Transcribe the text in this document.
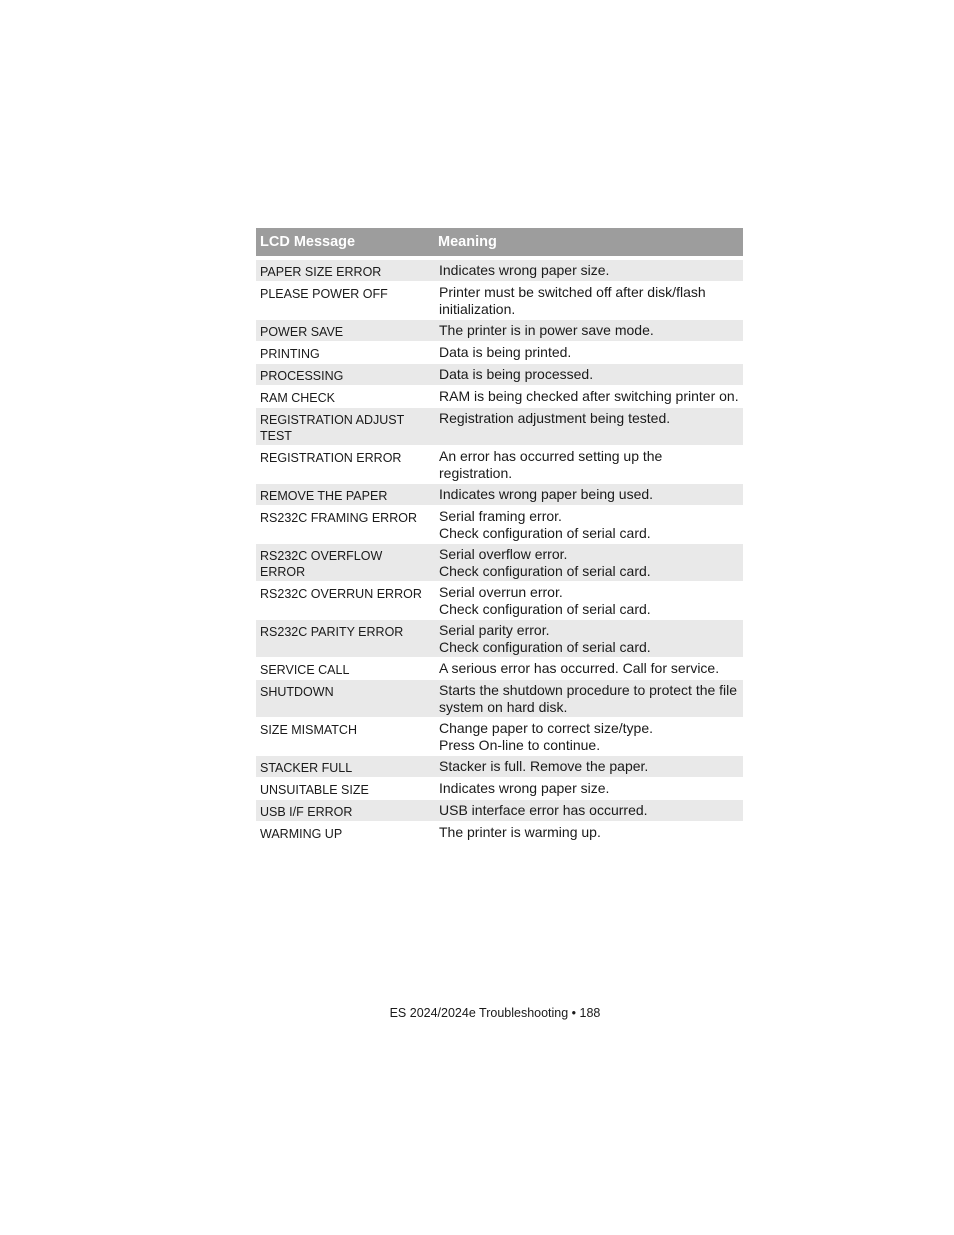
LCD Message	Meaning
PAPER SIZE ERROR	Indicates wrong paper size.

PLEASE POWER OFF	Printer must be switched off after disk/flash initialization.

POWER SAVE	The printer is in power save mode.

PRINTING	Data is being printed.

PROCESSING	Data is being processed.

RAM CHECK	RAM is being checked after switching printer on.

REGISTRATION ADJUST TEST	Registration adjustment being tested.

REGISTRATION ERROR	An error has occurred setting up the registration.

REMOVE THE PAPER	Indicates wrong paper being used.

RS232C FRAMING ERROR	Serial framing error.
Check configuration of serial card.

RS232C OVERFLOW ERROR	Serial overflow error.
Check configuration of serial card.

RS232C OVERRUN ERROR	Serial overrun error.
Check configuration of serial card.

RS232C PARITY ERROR	Serial parity error.
Check configuration of serial card.

SERVICE CALL	A serious error has occurred. Call for service.

SHUTDOWN	Starts the shutdown procedure to protect the file system on hard disk.

SIZE MISMATCH	Change paper to correct size/type.
Press On-line to continue.

STACKER FULL	Stacker is full. Remove the paper.

UNSUITABLE SIZE	Indicates wrong paper size.

USB I/F ERROR	USB interface error has occurred.

WARMING UP	The printer is warming up.
ES 2024/2024e Troubleshooting • 188
